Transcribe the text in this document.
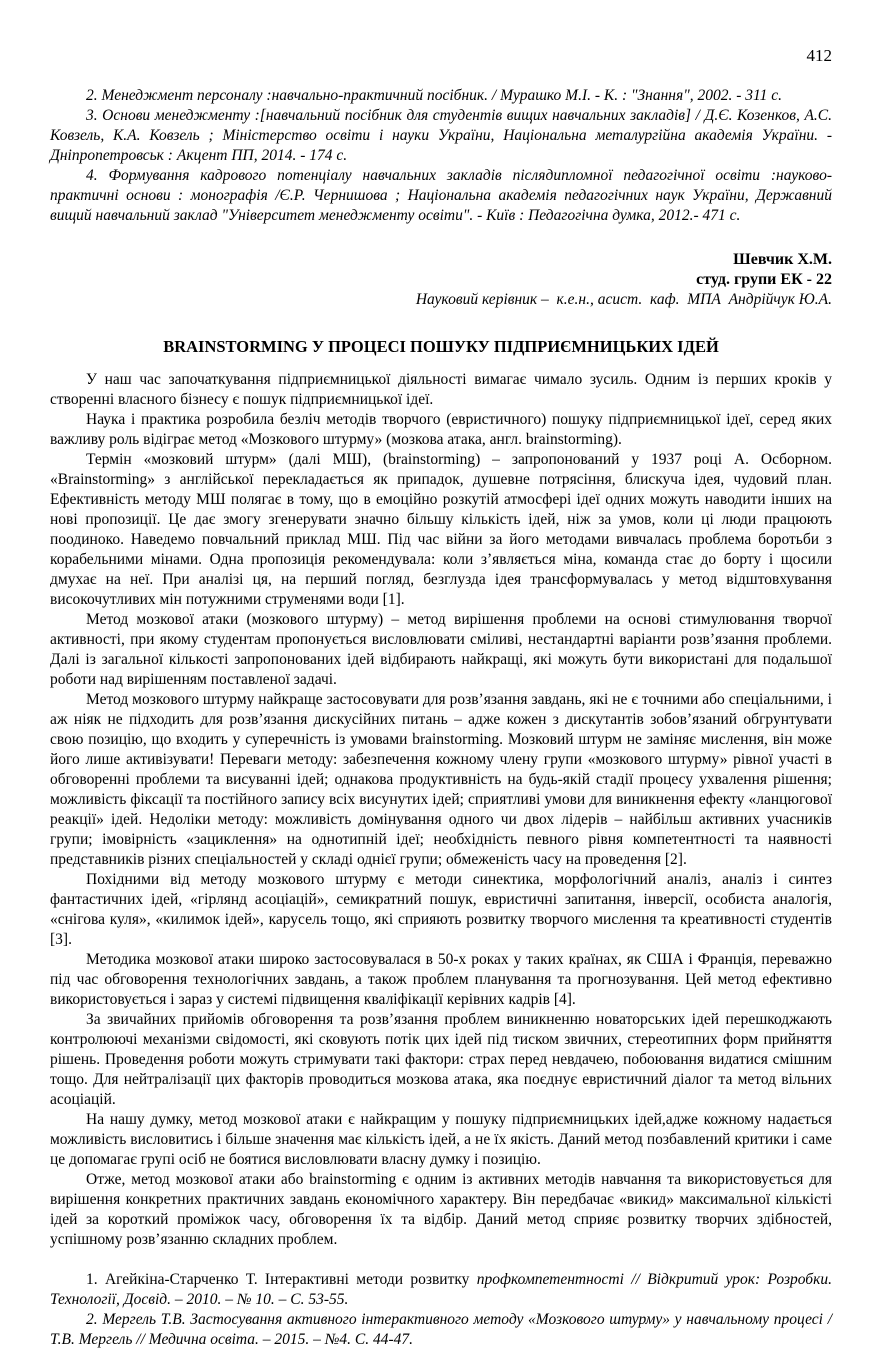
412

2. Менеджмент персоналу :навчально-практичний посібник. / Мурашко М.І. - К. : "Знання", 2002. - 311 с.

3. Основи менеджменту :[навчальний посібник для студентів вищих навчальних закладів] / Д.Є. Козенков, А.С. Ковзель, К.А. Ковзель ; Міністерство освіти і науки України, Національна металургійна академія України. - Дніпропетровськ : Акцент ПП, 2014. - 174 с.

4. Формування кадрового потенціалу навчальних закладів післядипломної педагогічної освіти :науково-практичні основи : монографія /Є.Р. Чернишова ; Національна академія педагогічних наук України, Державний вищий навчальний заклад "Університет менеджменту освіти". - Київ : Педагогічна думка, 2012.- 471 с.

Шевчик Х.М.
студ. групи ЕК - 22
Науковий керівник –  к.е.н., асист.  каф.  МПА  Андрійчук Ю.А.
BRAINSTORMING У ПРОЦЕСІ ПОШУКУ ПІДПРИЄМНИЦЬКИХ ІДЕЙ

У наш час започаткування підприємницької діяльності вимагає чимало зусиль. Одним із перших кроків у створенні власного бізнесу є пошук підприємницької ідеї.

Наука і практика розробила безліч методів творчого (евристичного) пошуку підприємницької ідеї, серед яких важливу роль відіграє метод «Мозкового штурму» (мозкова атака, англ. brainstorming).

Термін «мозковий штурм» (далі МШ), (brainstorming) – запропонований у 1937 році А. Осборном. «Brainstorming» з англійської перекладається як припадок, душевне потрясіння, блискуча ідея, чудовий план. Ефективність методу МШ полягає в тому, що в емоційно розкутій атмосфері ідеї одних можуть наводити інших на нові пропозиції. Це дає змогу згенерувати значно більшу кількість ідей, ніж за умов, коли ці люди працюють поодиноко. Наведемо повчальний приклад МШ. Під час війни за його методами вивчалась проблема боротьби з корабельними мінами. Одна пропозиція рекомендувала: коли з’являється міна, команда стає до борту і щосили дмухає на неї. При аналізі ця, на перший погляд, безглузда ідея трансформувалась у метод відштовхування високочутливих мін потужними струменями води [1].

Метод мозкової атаки (мозкового штурму) – метод вирішення проблеми на основі стимулювання творчої активності, при якому студентам пропонується висловлювати сміливі, нестандартні варіанти розв’язання проблеми. Далі із загальної кількості запропонованих ідей відбирають найкращі, які можуть бути використані для подальшої роботи над вирішенням поставленої задачі.

Метод мозкового штурму найкраще застосовувати для розв’язання завдань, які не є точними або спеціальними, і аж ніяк не підходить для розв’язання дискусійних питань – адже кожен з дискутантів зобов’язаний обгрунтувати свою позицію, що входить у суперечність із умовами brainstorming. Мозковий штурм не заміняє мислення, він може його лише активізувати! Переваги методу: забезпечення кожному члену групи «мозкового штурму» рівної участі в обговоренні проблеми та висуванні ідей; однакова продуктивність на будь-якій стадії процесу ухвалення рішення; можливість фіксації та постійного запису всіх висунутих ідей; сприятливі умови для виникнення ефекту «ланцюгової реакції» ідей. Недоліки методу: можливість домінування одного чи двох лідерів – найбільш активних учасників групи; імовірність «зациклення» на однотипній ідеї; необхідність певного рівня компетентності та наявності представників різних спеціальностей у складі однієї групи; обмеженість часу на проведення [2].

Похідними від методу мозкового штурму є методи синектика, морфологічний аналіз, аналіз і синтез фантастичних ідей, «гірлянд асоціацій», семикратний пошук, евристичні запитання, інверсії, особиста аналогія, «снігова куля», «килимок ідей», карусель тощо, які сприяють розвитку творчого мислення та креативності студентів [3].

Методика мозкової атаки широко застосовувалася в 50-х роках у таких країнах, як США і Франція, переважно під час обговорення технологічних завдань, а також проблем планування та прогнозування. Цей метод ефективно використовується і зараз у системі підвищення кваліфікації керівних кадрів [4].

За звичайних прийомів обговорення та розв’язання проблем виникненню новаторських ідей перешкоджають контролюючі механізми свідомості, які сковують потік цих ідей під тиском звичних, стереотипних форм прийняття рішень. Проведення роботи можуть стримувати такі фактори: страх перед невдачею, побоювання видатися смішним тощо. Для нейтралізації цих факторів проводиться мозкова атака, яка поєднує евристичний діалог та метод вільних асоціацій.

На нашу думку, метод мозкової атаки є найкращим у пошуку підприємницьких ідей,адже кожному надається можливість висловитись і більше значення має кількість ідей, а не їх якість. Даний метод позбавлений критики і саме це допомагає групі осіб не боятися висловлювати власну думку і позицію.

Отже, метод мозкової атаки або brainstorming є одним із активних методів навчання та використовується для вирішення конкретних практичних завдань економічного характеру. Він передбачає «викид» максимальної кількісті ідей за короткий проміжок часу, обговорення їх та відбір. Даний метод сприяє розвитку творчих здібностей, успішному розв’язанню складних проблем.

1. Агейкіна-Старченко Т. Інтерактивні методи розвитку профкомпетентності // Відкритий урок: Розробки. Технології, Досвід. – 2010. – № 10. – С. 53-55.

2. Мергель Т.В. Застосування активного інтерактивного методу «Мозкового штурму» у навчальному процесі / Т.В. Мергель // Медична освіта. – 2015. – №4. С. 44-47.
